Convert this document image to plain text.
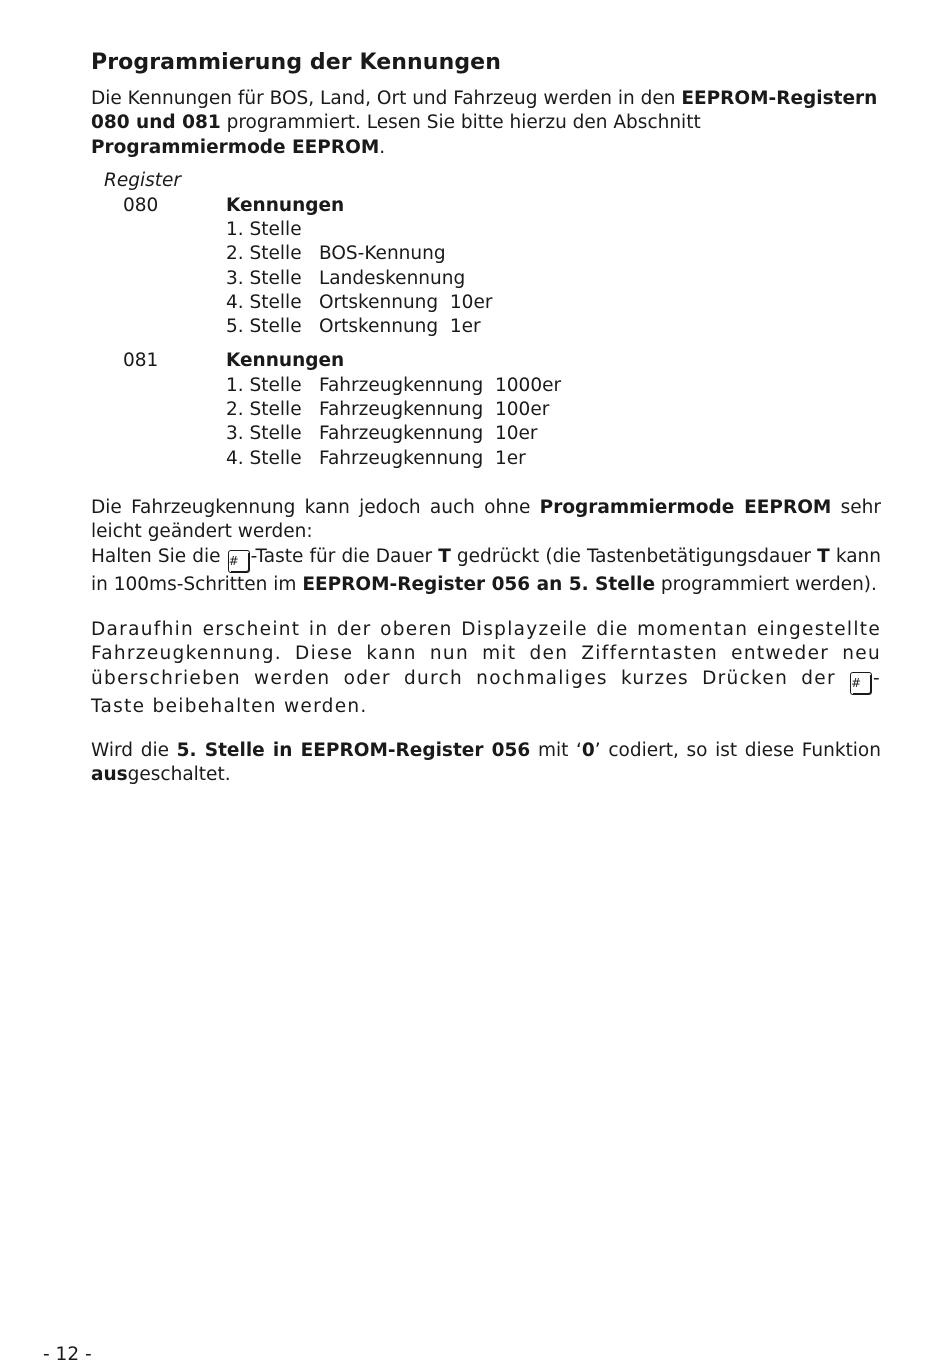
Programmierung der Kennungen
Die Kennungen für BOS, Land, Ort und Fahrzeug werden in den EEPROM-Registern 080 und 081 programmiert. Lesen Sie bitte hierzu den Abschnitt Programmiermode EEPROM.
Register
080	Kennungen
1. Stelle
2. Stelle BOS-Kennung
3. Stelle Landeskennung
4. Stelle Ortskennung  10er
5. Stelle Ortskennung  1er
081	Kennungen
1. Stelle Fahrzeugkennung  1000er
2. Stelle Fahrzeugkennung  100er
3. Stelle Fahrzeugkennung  10er
4. Stelle Fahrzeugkennung  1er
Die Fahrzeugkennung kann jedoch auch ohne Programmiermode EEPROM sehr leicht geändert werden:
Halten Sie die # -Taste für die Dauer T gedrückt (die Tastenbetätigungsdauer T kann in 100ms-Schritten im EEPROM-Register 056 an 5. Stelle programmiert werden).
Daraufhin erscheint in der oberen Displayzeile die momentan eingestellte Fahrzeugkennung. Diese kann nun mit den Zifferntasten entweder neu überschrieben werden oder durch nochmaliges kurzes Drücken der # -Taste beibehalten werden.
Wird die 5. Stelle in EEPROM-Register 056 mit ‘0’ codiert, so ist diese Funktion ausgeschaltet.
- 12 -
